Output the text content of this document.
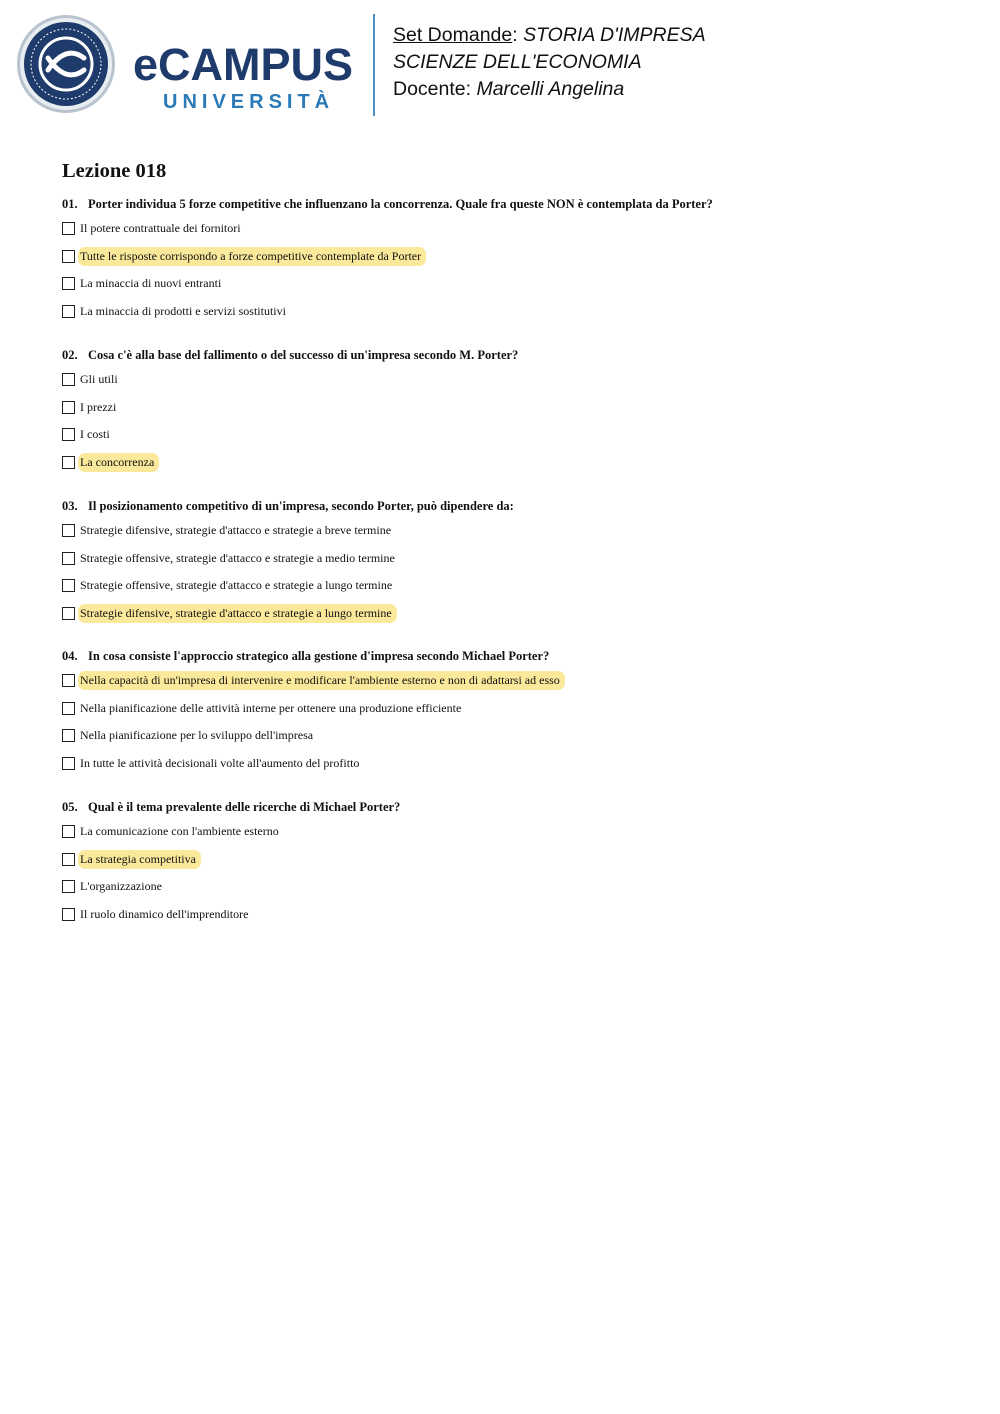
eCAMPUS
UNIVERSITÀ
Set Domande: STORIA D'IMPRESA
SCIENZE DELL'ECONOMIA
Docente: Marcelli Angelina
Lezione 018

01. Porter individua 5 forze competitive che influenzano la concorrenza. Quale fra queste NON è contemplata da Porter?

Il potere contrattuale dei fornitori
Tutte le risposte corrispondo a forze competitive contemplate da Porter
La minaccia di nuovi entranti
La minaccia di prodotti e servizi sostitutivi

02. Cosa c'è alla base del fallimento o del successo di un'impresa secondo M. Porter?

Gli utili
I prezzi
I costi
La concorrenza

03. Il posizionamento competitivo di un'impresa, secondo Porter, può dipendere da:

Strategie difensive, strategie d'attacco e strategie a breve termine
Strategie offensive, strategie d'attacco e strategie a medio termine
Strategie offensive, strategie d'attacco e strategie a lungo termine
Strategie difensive, strategie d'attacco e strategie a lungo termine

04. In cosa consiste l'approccio strategico alla gestione d'impresa secondo Michael Porter?

Nella capacità di un'impresa di intervenire e modificare l'ambiente esterno e non di adattarsi ad esso
Nella pianificazione delle attività interne per ottenere una produzione efficiente
Nella pianificazione per lo sviluppo dell'impresa
In tutte le attività decisionali volte all'aumento del profitto

05. Qual è il tema prevalente delle ricerche di Michael Porter?

La comunicazione con l'ambiente esterno
La strategia competitiva
L'organizzazione
Il ruolo dinamico dell'imprenditore
